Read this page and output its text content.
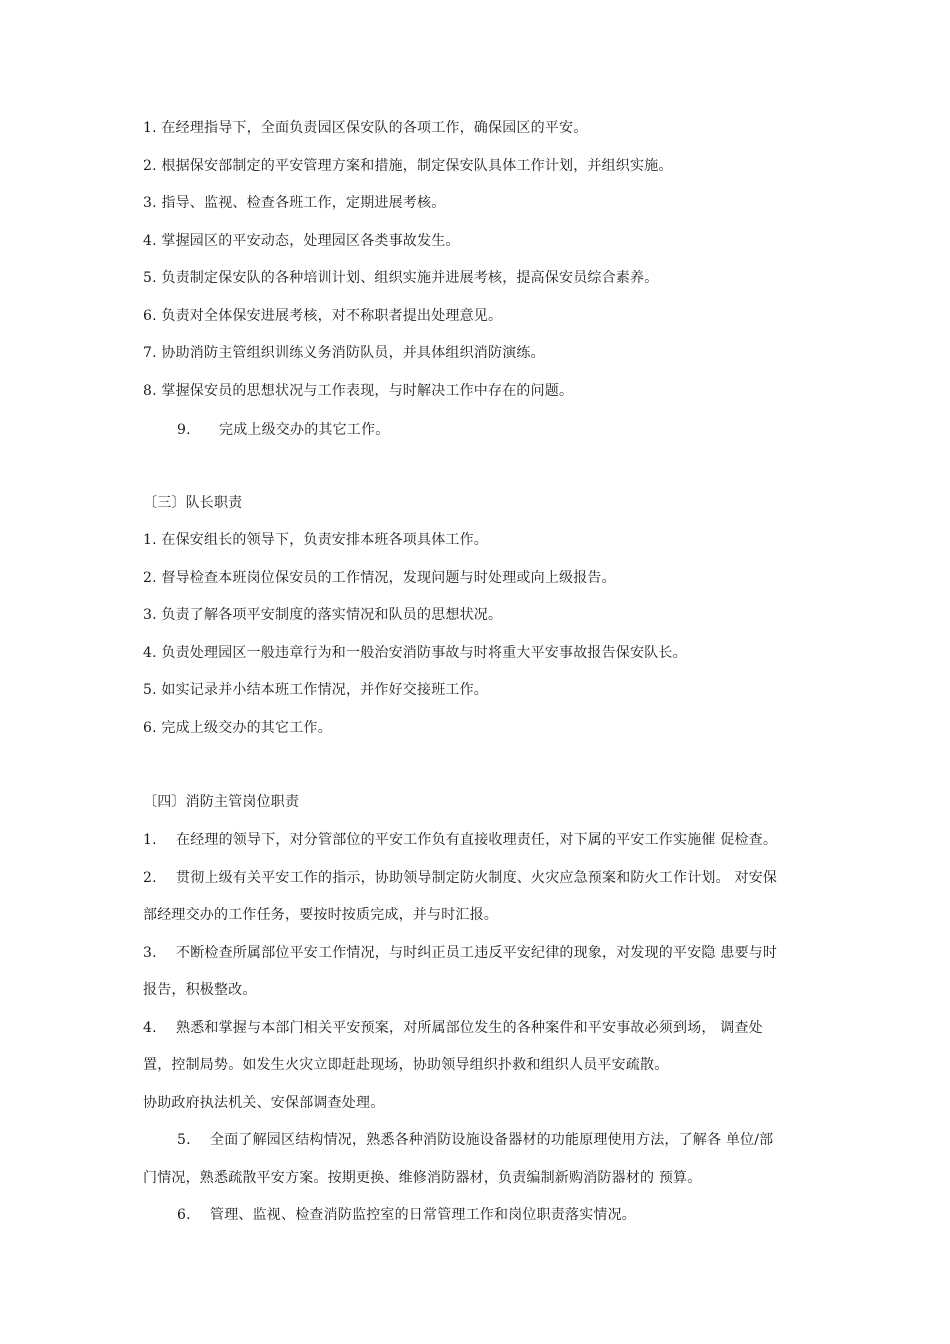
1. 在经理指导下，全面负责园区保安队的各项工作，确保园区的平安。
2. 根据保安部制定的平安管理方案和措施，制定保安队具体工作计划，并组织实施。
3. 指导、监视、检查各班工作，定期进展考核。
4. 掌握园区的平安动态，处理园区各类事故发生。
5. 负责制定保安队的各种培训计划、组织实施并进展考核，提高保安员综合素养。
6. 负责对全体保安进展考核，对不称职者提出处理意见。
7. 协助消防主管组织训练义务消防队员，并具体组织消防演练。
8. 掌握保安员的思想状况与工作表现，与时解决工作中存在的问题。
9. 完成上级交办的其它工作。
〔三〕队长职责
1. 在保安组长的领导下，负责安排本班各项具体工作。
2. 督导检查本班岗位保安员的工作情况，发现问题与时处理或向上级报告。
3. 负责了解各项平安制度的落实情况和队员的思想状况。
4. 负责处理园区一般违章行为和一般治安消防事故与时将重大平安事故报告保安队长。
5. 如实记录并小结本班工作情况，并作好交接班工作。
6. 完成上级交办的其它工作。
〔四〕消防主管岗位职责
1. 在经理的领导下，对分管部位的平安工作负有直接收理责任，对下属的平安工作实施催 促检查。
2. 贯彻上级有关平安工作的指示，协助领导制定防火制度、火灾应急预案和防火工作计划。 对安保
部经理交办的工作任务，要按时按质完成，并与时汇报。
3. 不断检查所属部位平安工作情况，与时纠正员工违反平安纪律的现象，对发现的平安隐 患要与时
报告，积极整改。
4. 熟悉和掌握与本部门相关平安预案，对所属部位发生的各种案件和平安事故必须到场， 调查处
置，控制局势。如发生火灾立即赶赴现场，协助领导组织扑救和组织人员平安疏散。
协助政府执法机关、安保部调查处理。
5. 全面了解园区结构情况，熟悉各种消防设施设备器材的功能原理使用方法，了解各 单位/部
门情况，熟悉疏散平安方案。按期更换、维修消防器材，负责编制新购消防器材的 预算。
6. 管理、监视、检查消防监控室的日常管理工作和岗位职责落实情况。
